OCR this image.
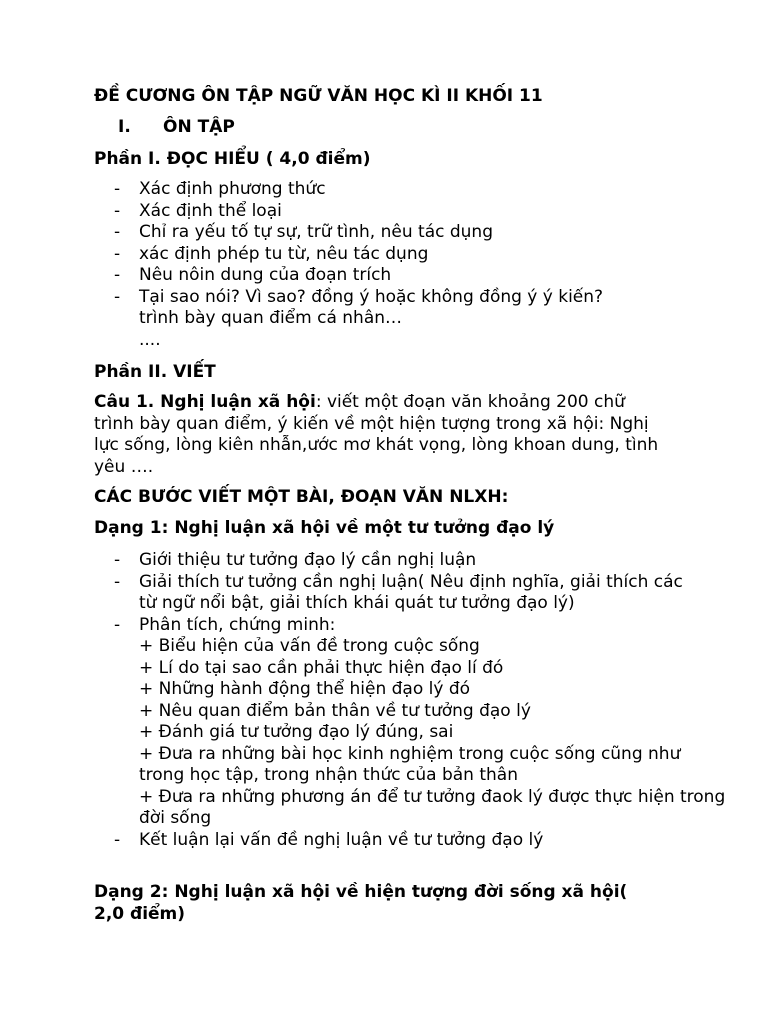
ĐỀ CƯƠNG ÔN TẬP NGỮ VĂN HỌC KÌ II KHỐI 11
I. ÔN TẬP
Phần I. ĐỌC HIỂU ( 4,0 điểm)
- Xác định phương thức
- Xác định thể loại
- Chỉ ra yếu tố tự sự, trữ tình, nêu tác dụng
- xác định phép tu từ, nêu tác dụng
- Nêu nôin dung của đoạn trích
- Tại sao nói? Vì sao? đồng ý hoặc không đồng ý ý kiến? trình bày quan điểm cá nhân…
....
Phần II. VIẾT

Câu 1. Nghị luận xã hội: viết một đoạn văn khoảng 200 chữ trình bày quan điểm, ý kiến về một hiện tượng trong xã hội: Nghị lực sống, lòng kiên nhẫn,ước mơ khát vọng, lòng khoan dung, tình yêu ….

CÁC BƯỚC VIẾT MỘT BÀI, ĐOẠN VĂN NLXH:
Dạng 1: Nghị luận xã hội về một tư tưởng đạo lý
- Giới thiệu tư tưởng đạo lý cần nghị luận
- Giải thích tư tưởng cần nghị luận( Nêu định nghĩa, giải thích các từ ngữ nổi bật, giải thích khái quát tư tưởng đạo lý)
- Phân tích, chứng minh:
+ Biểu hiện của vấn đề trong cuộc sống
+ Lí do tại sao cần phải thực hiện đạo lí đó
+ Những hành động thể hiện đạo lý đó
+ Nêu quan điểm bản thân về tư tưởng đạo lý
+ Đánh giá tư tưởng đạo lý đúng, sai
+ Đưa ra những bài học kinh nghiệm trong cuộc sống cũng như trong học tập, trong nhận thức của bản thân
+ Đưa ra những phương án để tư tưởng đaok lý được thực hiện trong đời sống
- Kết luận lại vấn đề nghị luận về tư tưởng đạo lý
Dạng 2: Nghị luận xã hội về hiện tượng đời sống xã hội( 2,0 điểm)
